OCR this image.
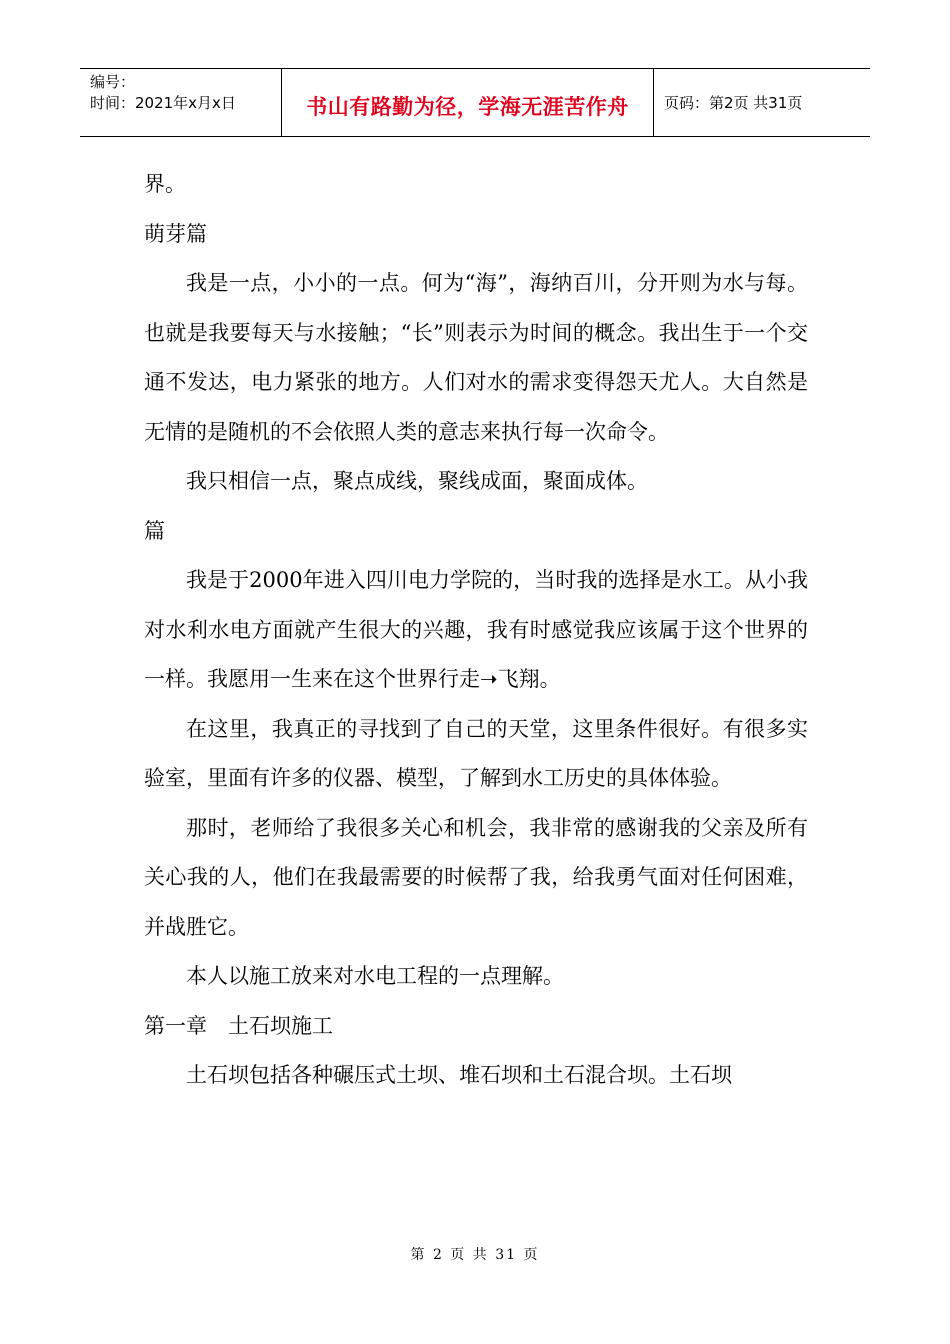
编号：
时间：2021年x月x日	书山有路勤为径，学海无涯苦作舟 页码：第2页 共31页

界。

萌芽篇

我是一点，小小的一点。何为“海”，海纳百川，分开则为水与每。也就是我要每天与水接触；“长”则表示为时间的概念。我出生于一个交通不发达，电力紧张的地方。人们对水的需求变得怨天尤人。大自然是无情的是随机的不会依照人类的意志来执行每一次命令。

我只相信一点，聚点成线，聚线成面，聚面成体。

篇

我是于2000年进入四川电力学院的，当时我的选择是水工。从小我对水利水电方面就产生很大的兴趣，我有时感觉我应该属于这个世界的一样。我愿用一生来在这个世界行走➝飞翔。

在这里，我真正的寻找到了自己的天堂，这里条件很好。有很多实验室，里面有许多的仪器、模型，了解到水工历史的具体体验。

那时，老师给了我很多关心和机会，我非常的感谢我的父亲及所有关心我的人，他们在我最需要的时候帮了我，给我勇气面对任何困难，并战胜它。

本人以施工放来对水电工程的一点理解。

第一章　土石坝施工

土石坝包括各种碾压式土坝、堆石坝和土石混合坝。土石坝

第 2 页 共 31 页
